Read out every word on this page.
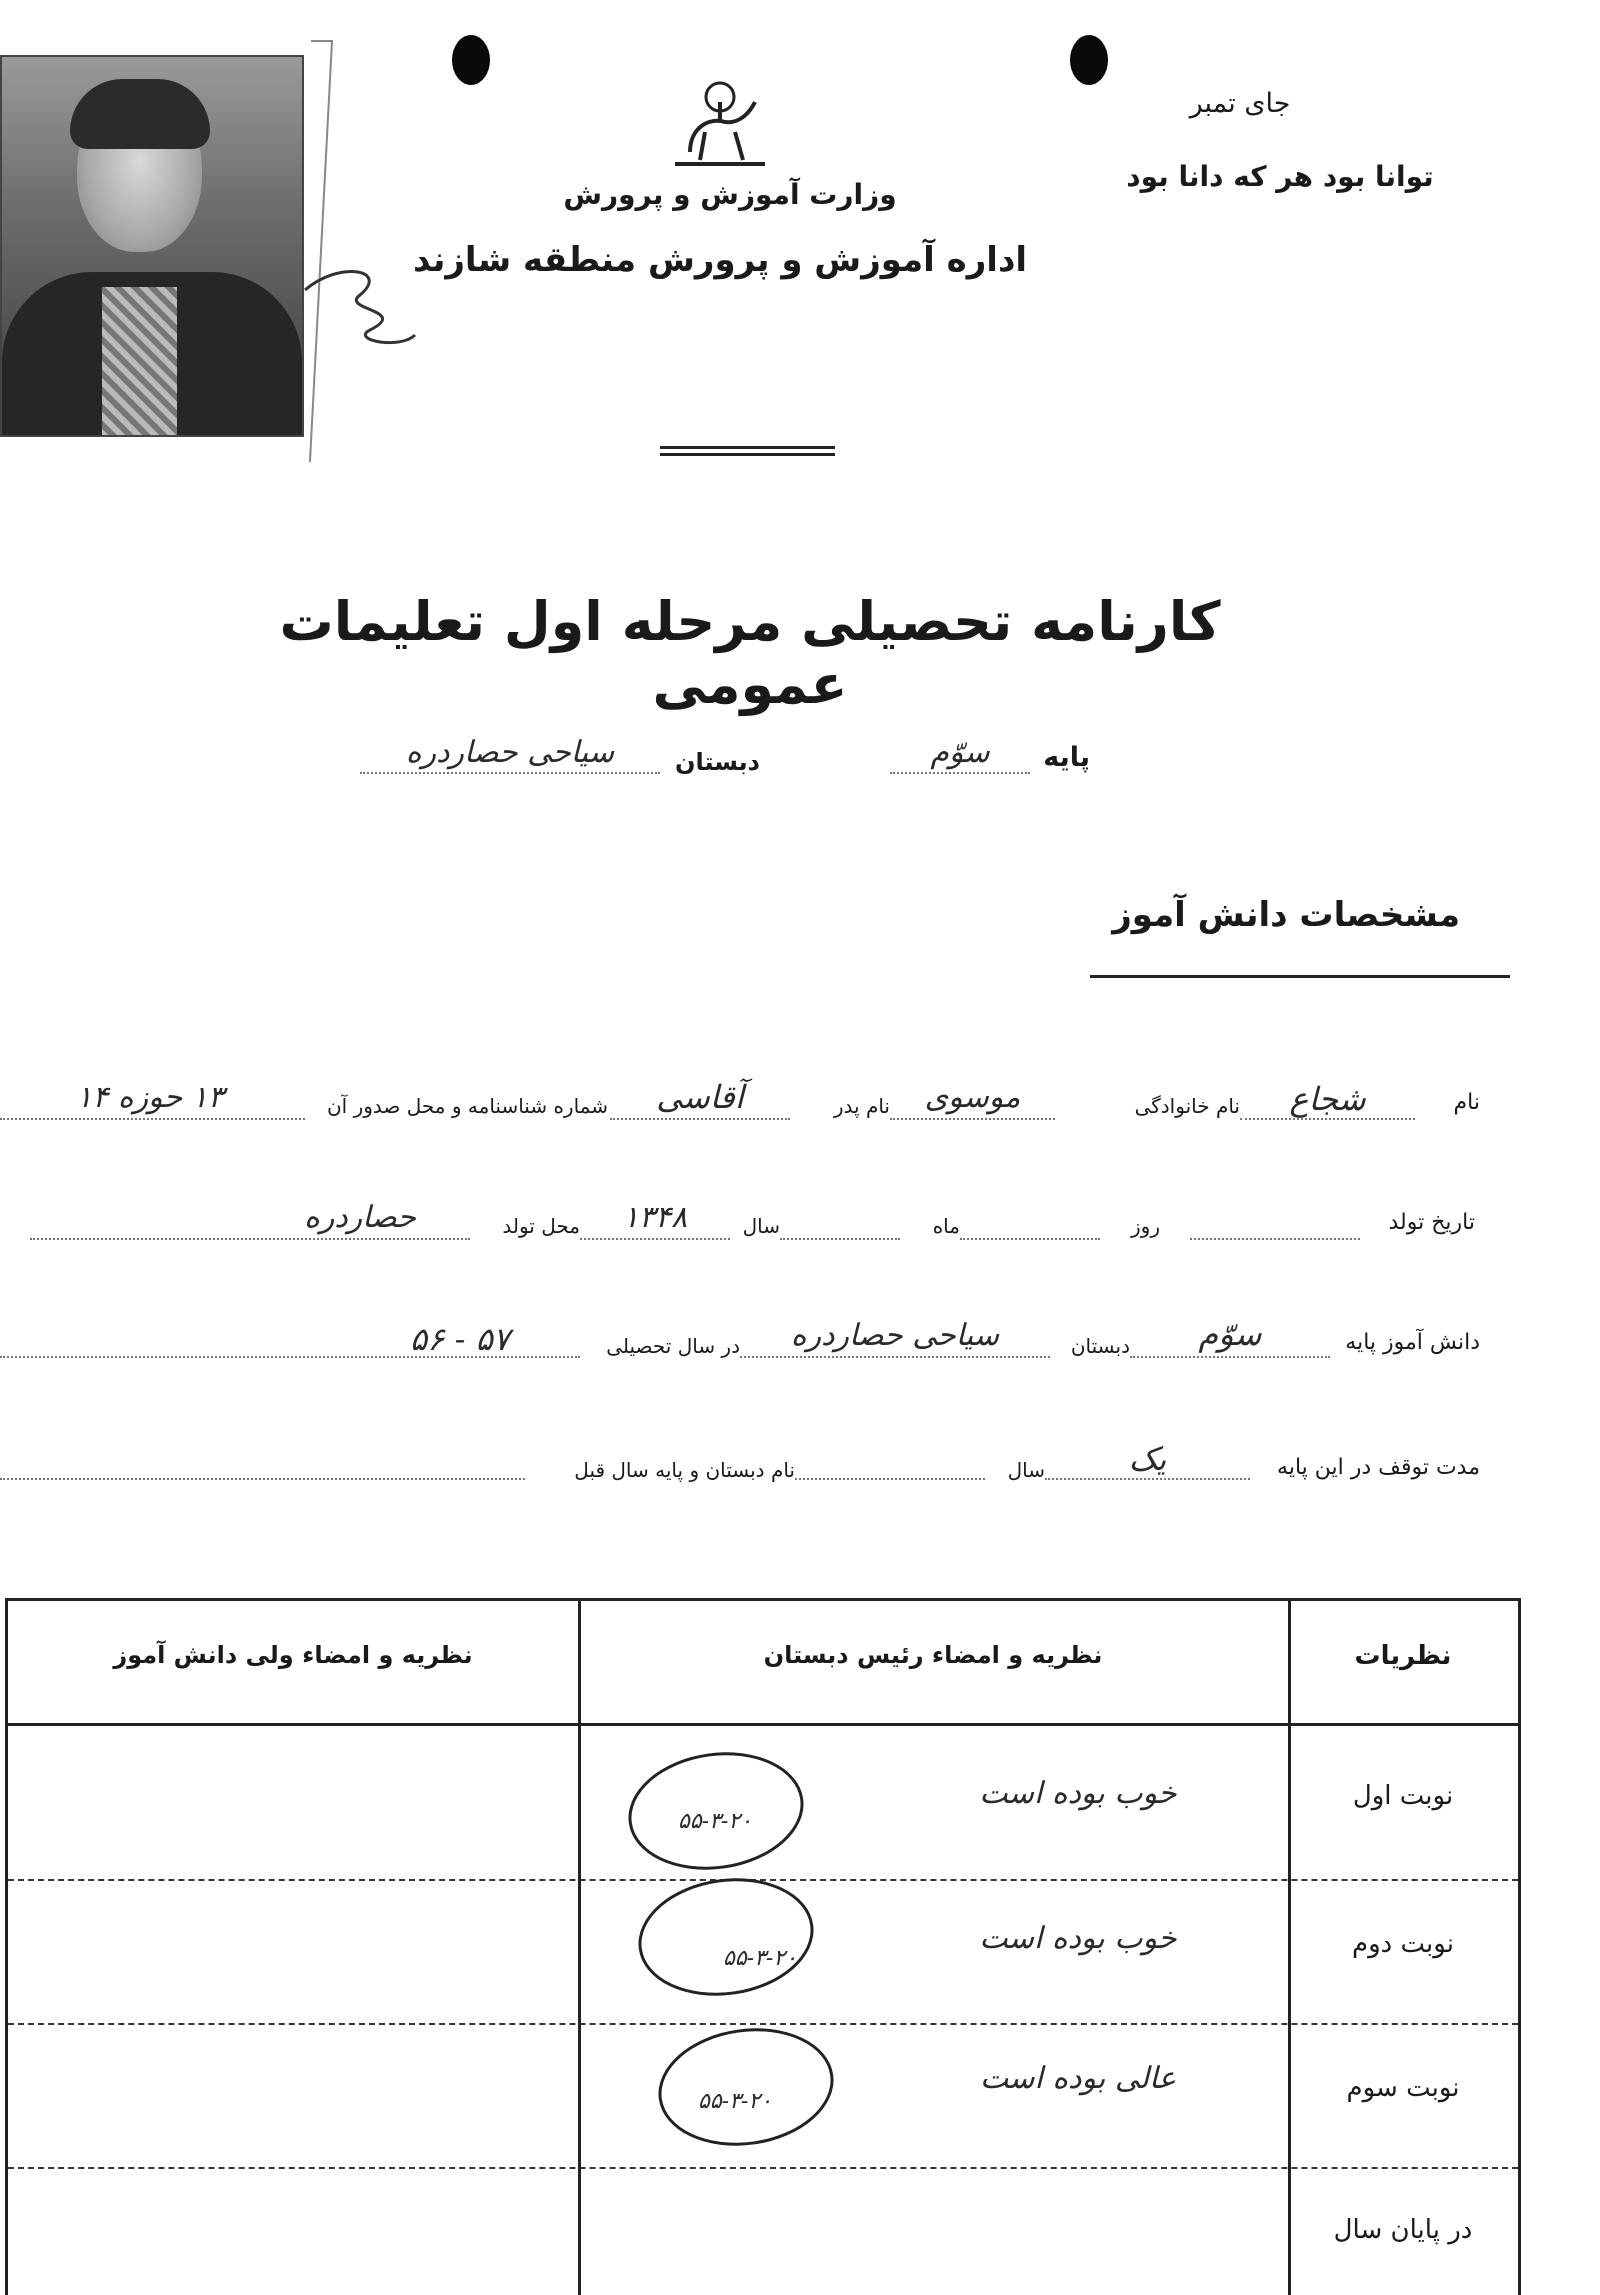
جای تمبر
توانا بود هر که دانا بود
وزارت آموزش و پرورش
اداره آموزش و پرورش منطقه شازند
کارنامه تحصیلی مرحله اول تعلیمات عمومی
پایه
سوّم
دبستان
سیاحی حصاردره
مشخصات دانش آموز
نام
شجاع
نام خانوادگی
موسوی
نام پدر
آقاسی
شماره شناسنامه و محل صدور آن
۱۳ حوزه ۱۴
تاریخ تولد
روز
ماه
سال
۱۳۴۸
محل تولد
حصاردره
دانش آموز پایه
سوّم
دبستان
سیاحی حصاردره
در سال تحصیلی
۵۷ - ۵۶
مدت توقف در این پایه
یک
سال
نام دبستان و پایه سال قبل
نظریات
نظریه و امضاء رئیس دبستان
نظریه و امضاء ولی دانش آموز
نوبت اول
خوب بوده است
۵۵-۳-۲۰
نوبت دوم
خوب بوده است
۵۵-۳-۲۰
نوبت سوم
عالی بوده است
۵۵-۳-۲۰
در پایان سال
